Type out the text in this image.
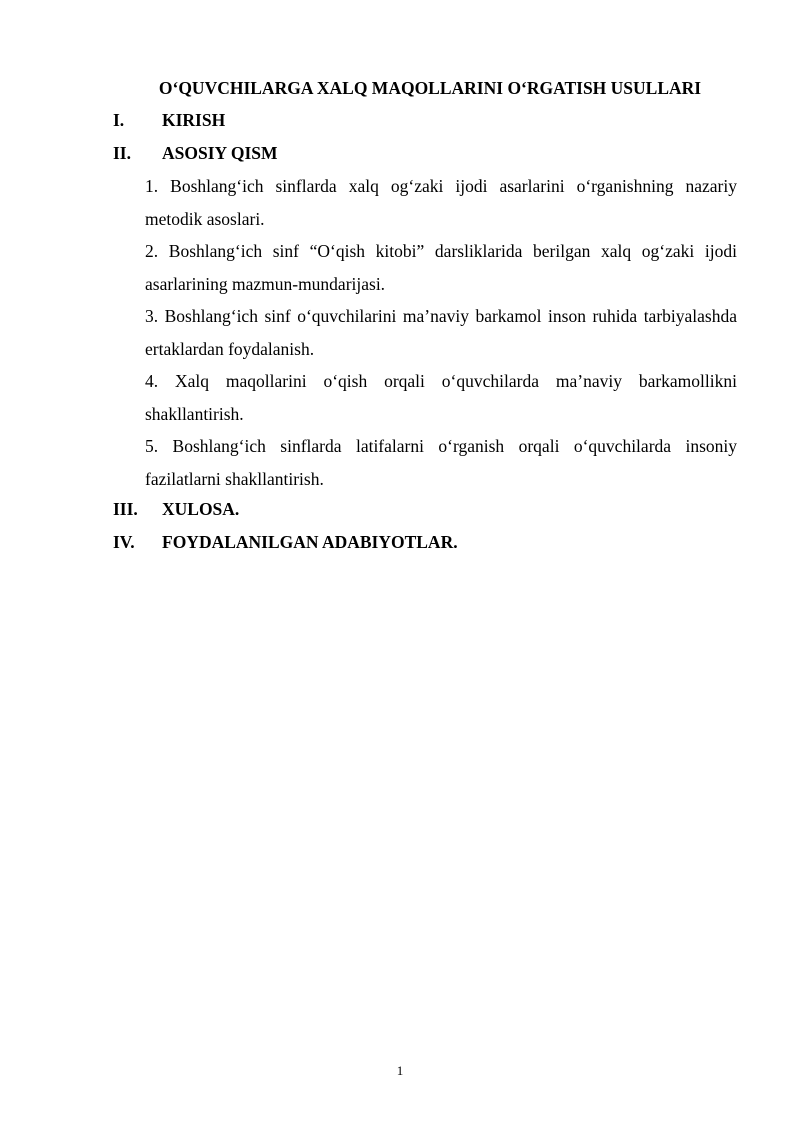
O‘QUVCHILARGA XALQ MAQOLLARINI O‘RGATISH USULLARI
I. KIRISH
II. ASOSIY QISM
1. Boshlang‘ich sinflarda xalq og‘zaki ijodi asarlarini o‘rganishning nazariy metodik asoslari.
2. Boshlang‘ich sinf “O‘qish kitobi” darsliklarida berilgan xalq og‘zaki ijodi asarlarining mazmun-mundarijasi.
3. Boshlang‘ich sinf o‘quvchilarini ma’naviy barkamol inson ruhida tarbiyalashda ertaklardan foydalanish.
4. Xalq maqollarini o‘qish orqali o‘quvchilarda ma’naviy barkamollikni shakllantirish.
5. Boshlang‘ich sinflarda latifalarni o‘rganish orqali o‘quvchilarda insoniy fazilatlarni shakllantirish.
III. XULOSA.
IV. FOYDALANILGAN ADABIYOTLAR.
1
